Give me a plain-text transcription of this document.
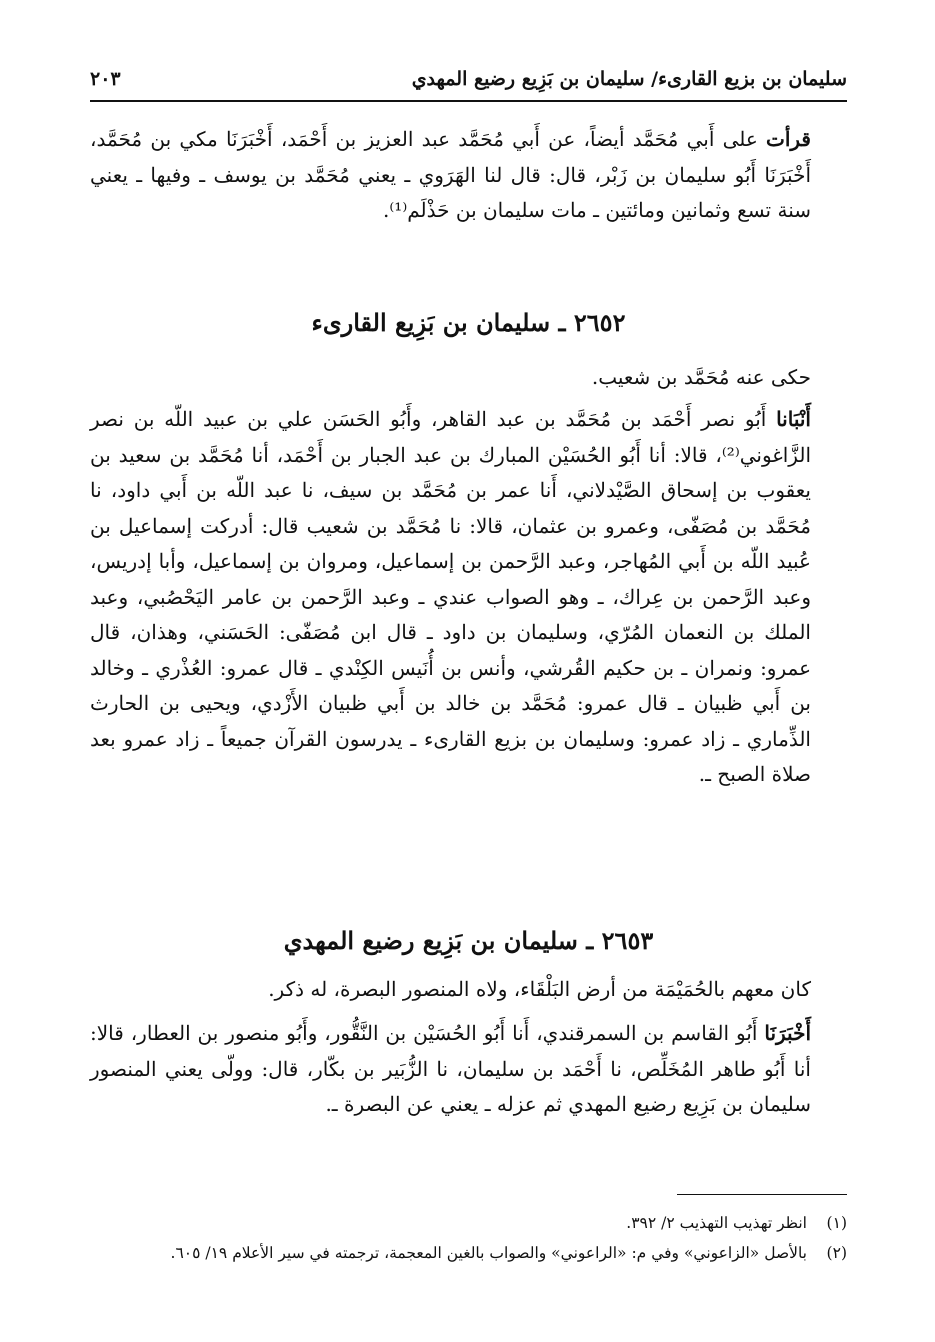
سليمان بن بزيع القارىء/ سليمان بن بَزِيع رضيع المهدي
٢٠٣

قرأت على أَبي مُحَمَّد أيضاً، عن أَبي مُحَمَّد عبد العزيز بن أَحْمَد، أَخْبَرَنَا مكي بن مُحَمَّد، أَخْبَرَنَا أَبُو سليمان بن زَبْر، قال: قال لنا الهَرَوي ـ يعني مُحَمَّد بن يوسف ـ وفيها ـ يعني سنة تسع وثمانين ومائتين ـ مات سليمان بن حَذْلَم⁽¹⁾.

٢٦٥٢ ـ سليمان بن بَزِيع القارىء

حكى عنه مُحَمَّد بن شعيب.

أَنْبَانا أَبُو نصر أَحْمَد بن مُحَمَّد بن عبد القاهر، وأَبُو الحَسَن علي بن عبيد اللّه بن نصر الزَّاغوني⁽²⁾، قالا: أنا أَبُو الحُسَيْن المبارك بن عبد الجبار بن أَحْمَد، أنا مُحَمَّد بن سعيد بن يعقوب بن إسحاق الصَّيْدلاني، أَنا عمر بن مُحَمَّد بن سيف، نا عبد اللّه بن أَبي داود، نا مُحَمَّد بن مُصَفّى، وعمرو بن عثمان، قالا: نا مُحَمَّد بن شعيب قال: أدركت إسماعيل بن عُبيد اللّه بن أَبي المُهاجر، وعبد الرَّحمن بن إسماعيل، ومروان بن إسماعيل، وأبا إدريس، وعبد الرَّحمن بن عِراك، ـ وهو الصواب عندي ـ وعبد الرَّحمن بن عامر اليَحْصُبي، وعبد الملك بن النعمان المُرّي، وسليمان بن داود ـ قال ابن مُصَفّى: الحَسَني، وهذان، قال عمرو: ونمران ـ بن حكيم القُرشي، وأنس بن أُنَيس الكِنْدي ـ قال عمرو: العُذْري ـ وخالد بن أَبي ظبيان ـ قال عمرو: مُحَمَّد بن خالد بن أَبي ظبيان الأَزْدي، ويحيى بن الحارث الذِّماري ـ زاد عمرو: وسليمان بن بزيع القارىء ـ يدرسون القرآن جميعاً ـ زاد عمرو بعد صلاة الصبح ـ.

٢٦٥٣ ـ سليمان بن بَزِيع رضيع المهدي

كان معهم بالحُمَيْمَة من أرض البَلْقَاء، ولاه المنصور البصرة، له ذكر.

أَخْبَرَنَا أَبُو القاسم بن السمرقندي، أَنا أَبُو الحُسَيْن بن النَّقُّور، وأَبُو منصور بن العطار، قالا: أنا أَبُو طاهر المُخَلِّص، نا أَحْمَد بن سليمان، نا الزُّبَير بن بكّار، قال: وولّى يعني المنصور سليمان بن بَزِيع رضيع المهدي ثم عزله ـ يعني عن البصرة ـ.

(١)انظر تهذيب التهذيب ٢/ ٣٩٢.
(٢)بالأصل «الزاعوني» وفي م: «الراعوني» والصواب بالغين المعجمة، ترجمته في سير الأعلام ١٩/ ٦٠٥.
